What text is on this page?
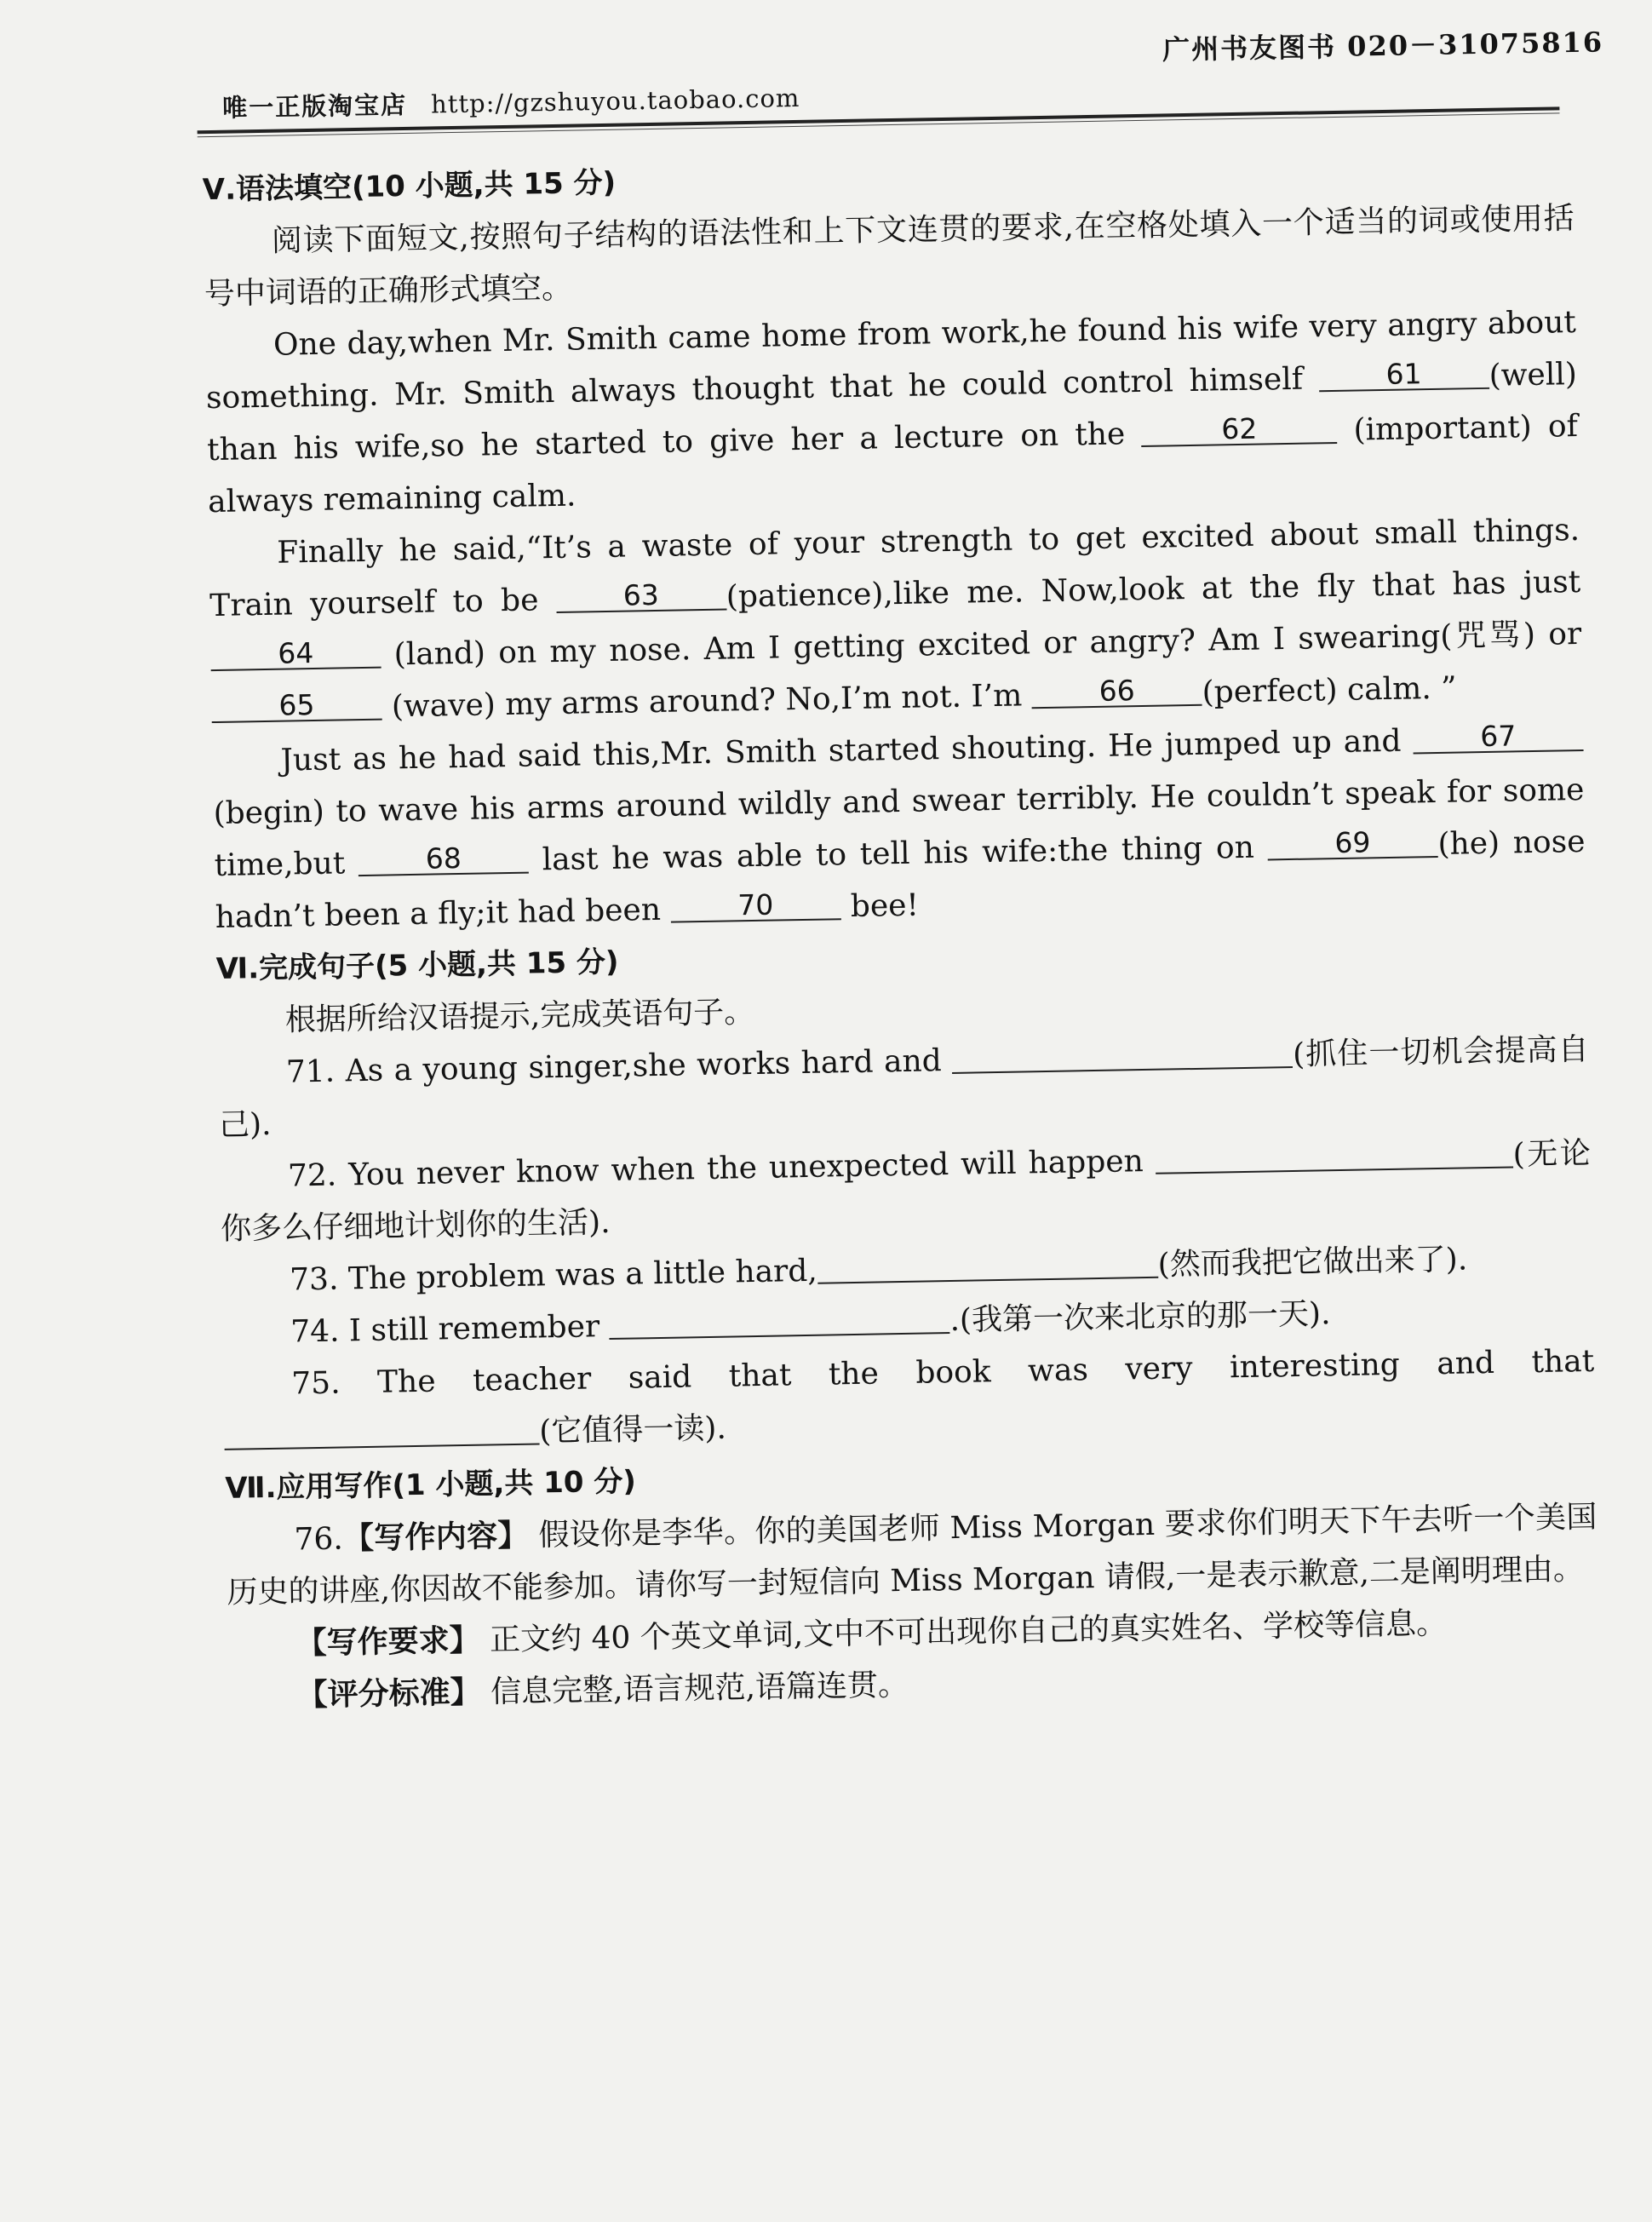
唯一正版淘宝店 http://gzshuyou.taobao.com
广州书友图书 020－31075816

Ⅴ.语法填空(10 小题,共 15 分)

阅读下面短文,按照句子结构的语法性和上下文连贯的要求,在空格处填入一个适当的词或使用括号中词语的正确形式填空。

One day,when Mr. Smith came home from work,he found his wife very angry about something. Mr. Smith always thought that he could control himself 61 (well) than his wife,so he started to give her a lecture on the	62	(important) of always remaining calm.

Finally he said,“It’s a waste of your strength to get excited about small things. Train yourself to be 63 (patience),like me. Now,look at the fly that has just 64 (land) on my nose. Am I getting excited or angry? Am I swearing(咒骂) or 65 (wave) my arms around? No,I’m not. I’m 66 (perfect) calm. ”

Just as he had said this,Mr. Smith started shouting. He jumped up and 67 (begin) to wave his arms around wildly and swear terribly. He couldn’t speak for some time,but 68 last he was able to tell his wife:the thing on 69 (he) nose hadn’t been a fly;it had been 70 bee!

Ⅵ.完成句子(5 小题,共 15 分)

根据所给汉语提示,完成英语句子。

71. As a young singer,she works hard and	(抓住一切机会提高自己).

72. You never know when the unexpected will happen	(无论你多么仔细地计划你的生活).

73. The problem was a little hard,	(然而我把它做出来了).

74. I still remember	.(我第一次来北京的那一天).

75. The teacher said that the book was very interesting and that  (它值得一读).

Ⅶ.应用写作(1 小题,共 10 分)

76.【写作内容】 假设你是李华。你的美国老师 Miss Morgan 要求你们明天下午去听一个美国历史的讲座,你因故不能参加。请你写一封短信向 Miss Morgan 请假,一是表示歉意,二是阐明理由。

【写作要求】 正文约 40 个英文单词,文中不可出现你自己的真实姓名、学校等信息。

【评分标准】 信息完整,语言规范,语篇连贯。
